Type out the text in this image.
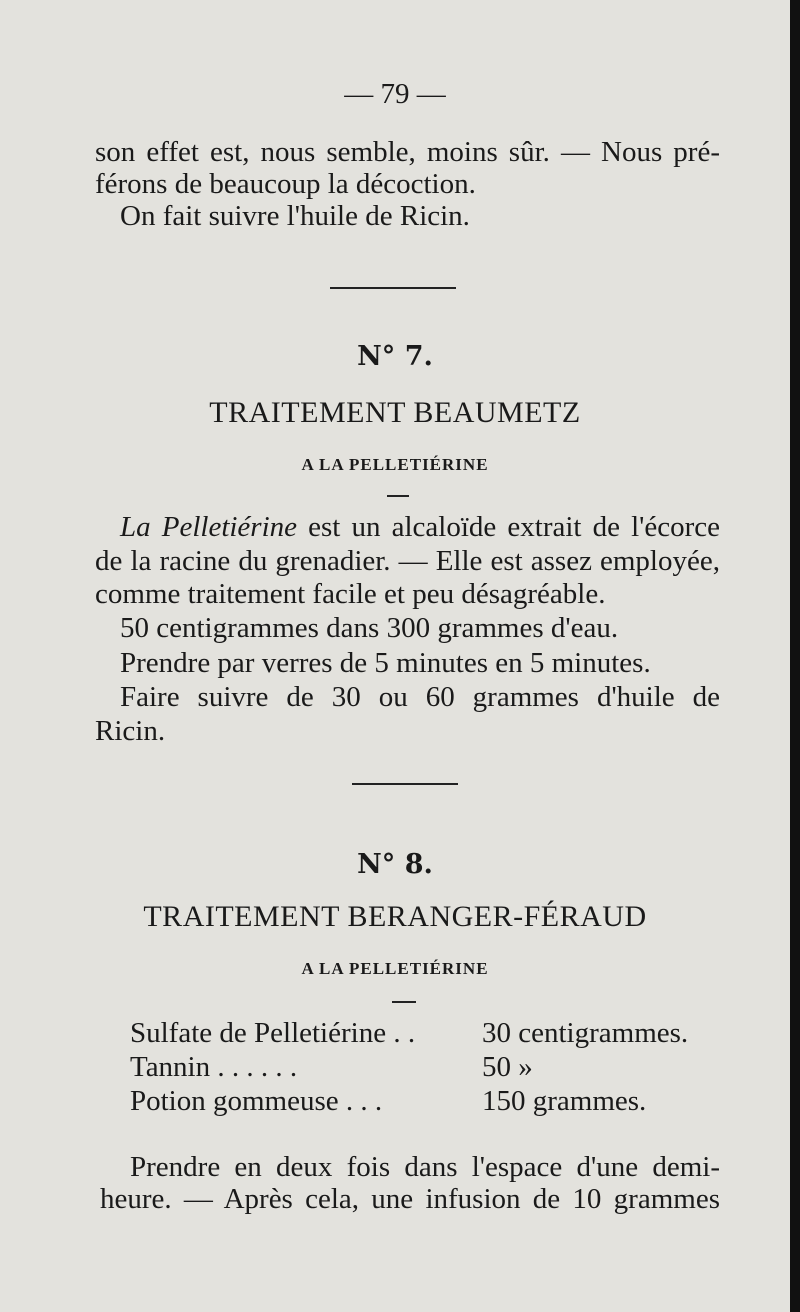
— 79 —
son effet est, nous semble, moins sûr. — Nous pré-
férons de beaucoup la décoction.
On fait suivre l'huile de Ricin.
N° 7.
TRAITEMENT BEAUMETZ
A LA PELLETIÉRINE
La Pelletiérine est un alcaloïde extrait de l'écorce
de la racine du grenadier. — Elle est assez employée,
comme traitement facile et peu désagréable.
50 centigrammes dans 300 grammes d'eau.
Prendre par verres de 5 minutes en 5 minutes.
Faire suivre de 30 ou 60 grammes d'huile de
Ricin.
N° 8.
TRAITEMENT BERANGER-FÉRAUD
A LA PELLETIÉRINE
Sulfate de Pelletiérine . . 30 centigrammes.
Tannin . . . . . .	50 »
Potion gommeuse . . .	150 grammes.
Prendre en deux fois dans l'espace d'une demi-
heure. — Après cela, une infusion de 10 grammes
